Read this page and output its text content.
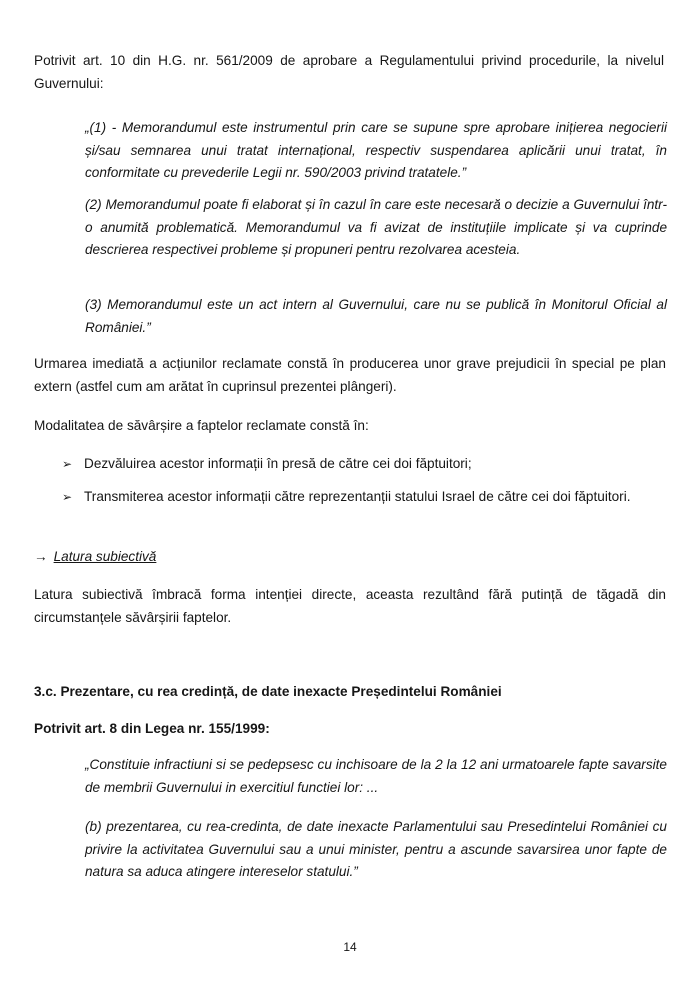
Potrivit art. 10 din H.G. nr. 561/2009 de aprobare a Regulamentului privind procedurile, la nivelul Guvernului:

„(1) - Memorandumul este instrumentul prin care se supune spre aprobare inițierea negocierii și/sau semnarea unui tratat internațional, respectiv suspendarea aplicării unui tratat, în conformitate cu prevederile Legii nr. 590/2003 privind tratatele.”

(2) Memorandumul poate fi elaborat și în cazul în care este necesară o decizie a Guvernului într-o anumită problematică. Memorandumul va fi avizat de instituțiile implicate și va cuprinde descrierea respectivei probleme și propuneri pentru rezolvarea acesteia.

(3) Memorandumul este un act intern al Guvernului, care nu se publică în Monitorul Oficial al României.”

Urmarea imediată a acțiunilor reclamate constă în producerea unor grave prejudicii în special pe plan extern (astfel cum am arătat în cuprinsul prezentei plângeri).

Modalitatea de săvârșire a faptelor reclamate constă în:

➢ Dezvăluirea acestor informații în presă de către cei doi făptuitori;

➢ Transmiterea acestor informații către reprezentanții statului Israel de către cei doi făptuitori.

→ Latura subiectivă

Latura subiectivă îmbracă forma intenției directe, aceasta rezultând fără putință de tăgadă din circumstanțele săvârșirii faptelor.

3.c. Prezentare, cu rea credință, de date inexacte Președintelui României

Potrivit art. 8 din Legea nr. 155/1999:

„Constituie infractiuni si se pedepsesc cu inchisoare de la 2 la 12 ani urmatoarele fapte savarsite de membrii Guvernului in exercitiul functiei lor: ...

(b) prezentarea, cu rea-credinta, de date inexacte Parlamentului sau Presedintelui României cu privire la activitatea Guvernului sau a unui minister, pentru a ascunde savarsirea unor fapte de natura sa aduca atingere intereselor statului.”

14
